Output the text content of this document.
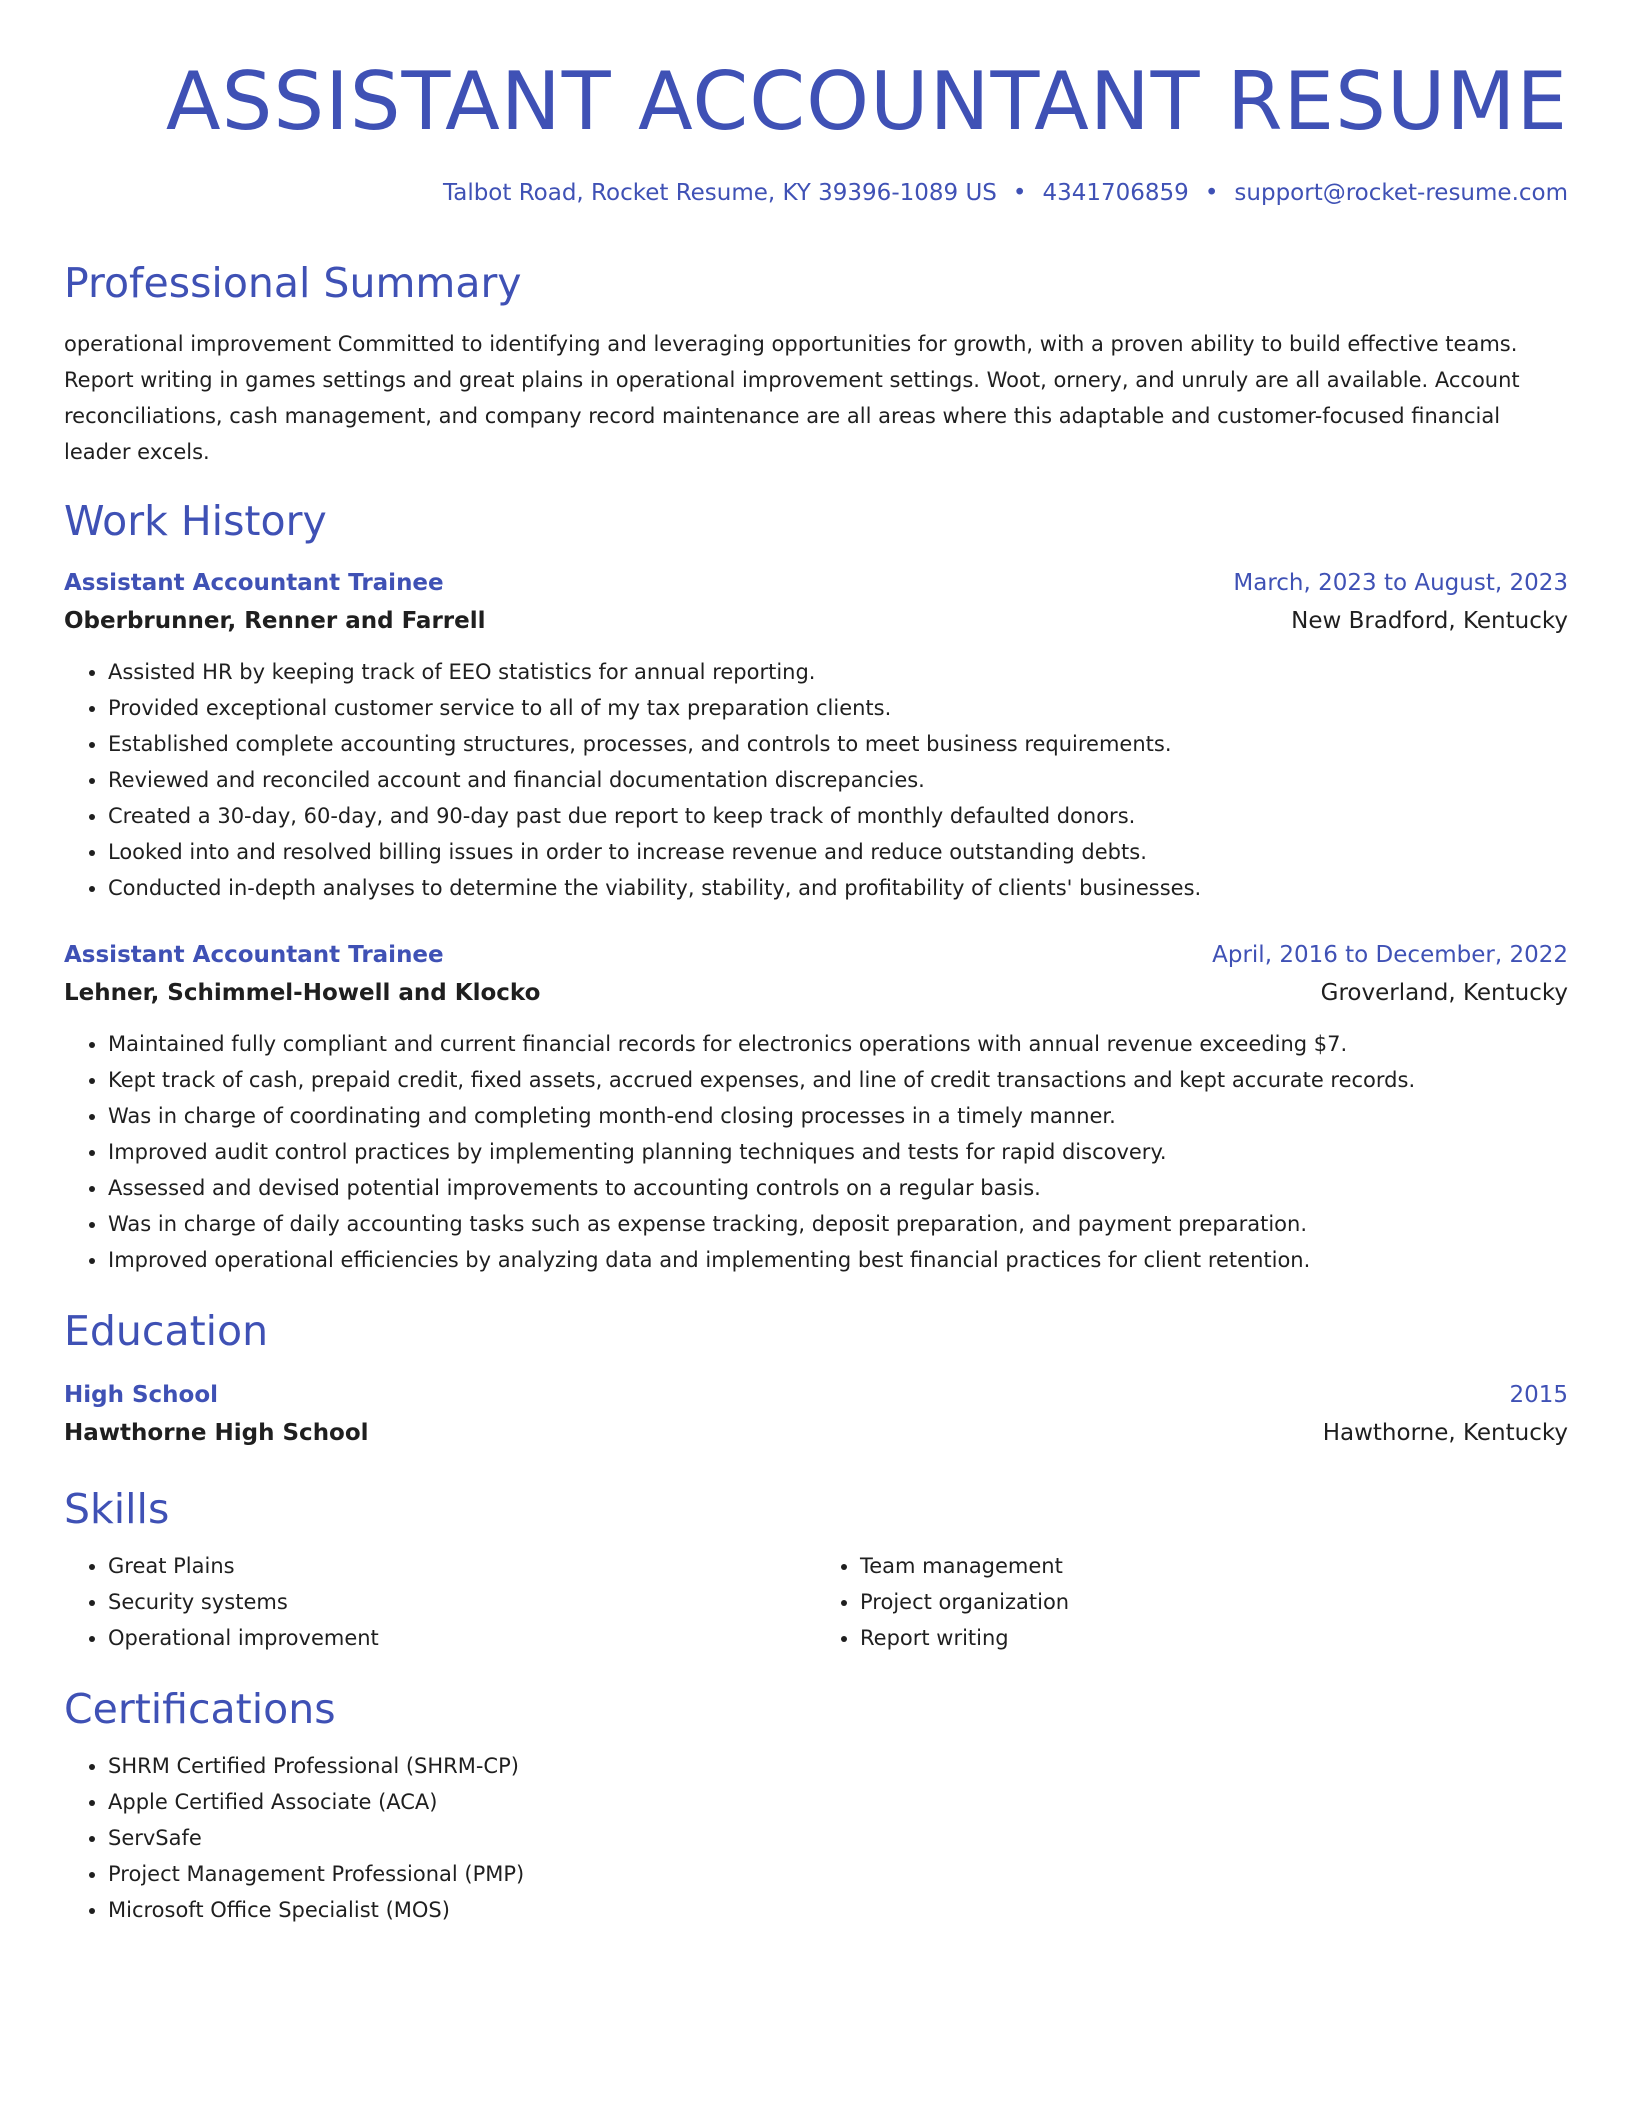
ASSISTANT ACCOUNTANT RESUME
Talbot Road, Rocket Resume, KY 39396-1089 US • 4341706859 • support@rocket-resume.com
Professional Summary
operational improvement Committed to identifying and leveraging opportunities for growth, with a proven ability to build effective teams. Report writing in games settings and great plains in operational improvement settings. Woot, ornery, and unruly are all available. Account reconciliations, cash management, and company record maintenance are all areas where this adaptable and customer-focused financial leader excels.
Work History
Assistant Accountant Trainee	March, 2023 to August, 2023
Oberbrunner, Renner and Farrell	New Bradford, Kentucky
• Assisted HR by keeping track of EEO statistics for annual reporting.
• Provided exceptional customer service to all of my tax preparation clients.
• Established complete accounting structures, processes, and controls to meet business requirements.
• Reviewed and reconciled account and financial documentation discrepancies.
• Created a 30-day, 60-day, and 90-day past due report to keep track of monthly defaulted donors.
• Looked into and resolved billing issues in order to increase revenue and reduce outstanding debts.
• Conducted in-depth analyses to determine the viability, stability, and profitability of clients' businesses.
Assistant Accountant Trainee	April, 2016 to December, 2022
Lehner, Schimmel-Howell and Klocko	Groverland, Kentucky
• Maintained fully compliant and current financial records for electronics operations with annual revenue exceeding $7.
• Kept track of cash, prepaid credit, fixed assets, accrued expenses, and line of credit transactions and kept accurate records.
• Was in charge of coordinating and completing month-end closing processes in a timely manner.
• Improved audit control practices by implementing planning techniques and tests for rapid discovery.
• Assessed and devised potential improvements to accounting controls on a regular basis.
• Was in charge of daily accounting tasks such as expense tracking, deposit preparation, and payment preparation.
• Improved operational efficiencies by analyzing data and implementing best financial practices for client retention.
Education
High School	2015
Hawthorne High School	Hawthorne, Kentucky
Skills
• Great Plains
• Security systems
• Operational improvement
• Team management
• Project organization
• Report writing
Certifications
• SHRM Certified Professional (SHRM-CP)
• Apple Certified Associate (ACA)
• ServSafe
• Project Management Professional (PMP)
• Microsoft Office Specialist (MOS)
